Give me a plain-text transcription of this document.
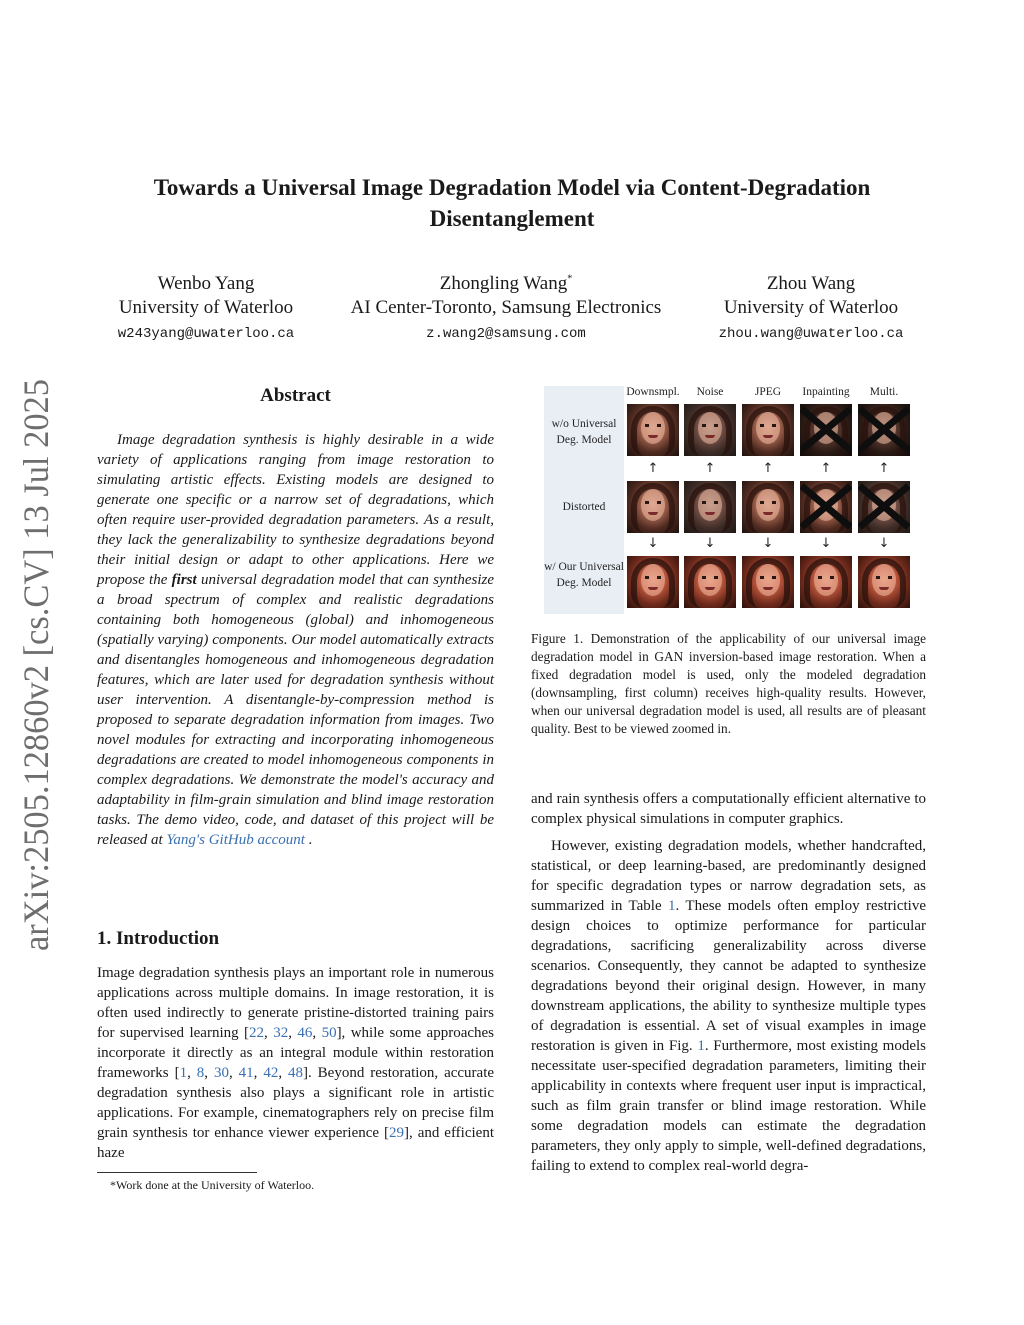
arXiv:2505.12860v2 [cs.CV] 13 Jul 2025
Towards a Universal Image Degradation Model via Content-Degradation
Disentanglement
Wenbo Yang
University of Waterloo
w243yang@uwaterloo.ca
Zhongling Wang*
AI Center-Toronto, Samsung Electronics
z.wang2@samsung.com
Zhou Wang
University of Waterloo
zhou.wang@uwaterloo.ca
Abstract
Image degradation synthesis is highly desirable in a wide variety of applications ranging from image restoration to simulating artistic effects. Existing models are designed to generate one specific or a narrow set of degradations, which often require user-provided degradation parameters. As a result, they lack the generalizability to synthesize degradations beyond their initial design or adapt to other applications. Here we propose the first universal degradation model that can synthesize a broad spectrum of complex and realistic degradations containing both homogeneous (global) and inhomogeneous (spatially varying) components. Our model automatically extracts and disentangles homogeneous and inhomogeneous degradation features, which are later used for degradation synthesis without user intervention. A disentangle-by-compression method is proposed to separate degradation information from images. Two novel modules for extracting and incorporating inhomogeneous degradations are created to model inhomogeneous components in complex degradations. We demonstrate the model's accuracy and adaptability in film-grain simulation and blind image restoration tasks. The demo video, code, and dataset of this project will be released at Yang's GitHub account .
1. Introduction
Image degradation synthesis plays an important role in numerous applications across multiple domains. In image restoration, it is often used indirectly to generate pristine-distorted training pairs for supervised learning [22, 32, 46, 50], while some approaches incorporate it directly as an integral module within restoration frameworks [1, 8, 30, 41, 42, 48]. Beyond restoration, accurate degradation synthesis also plays a significant role in artistic applications. For example, cinematographers rely on precise film grain synthesis tor enhance viewer experience [29], and efficient haze
*Work done at the University of Waterloo.
w/o Universal Deg. Model
Distorted
w/ Our Universal Deg. Model
Downsmpl.	Noise	JPEG	Inpainting	Multi.
↑	↑	↑	↑	↑
↓	↓	↓	↓	↓
Figure 1. Demonstration of the applicability of our universal image degradation model in GAN inversion-based image restoration. When a fixed degradation model is used, only the modeled degradation (downsampling, first column) receives high-quality results. However, when our universal degradation model is used, all results are of pleasant quality. Best to be viewed zoomed in.

and rain synthesis offers a computationally efficient alternative to complex physical simulations in computer graphics.

However, existing degradation models, whether handcrafted, statistical, or deep learning-based, are predominantly designed for specific degradation types or narrow degradation sets, as summarized in Table 1. These models often employ restrictive design choices to optimize performance for particular degradations, sacrificing generalizability across diverse scenarios. Consequently, they cannot be adapted to synthesize degradations beyond their original design. However, in many downstream applications, the ability to synthesize multiple types of degradation is essential. A set of visual examples in image restoration is given in Fig. 1. Furthermore, most existing models necessitate user-specified degradation parameters, limiting their applicability in contexts where frequent user input is impractical, such as film grain transfer or blind image restoration. While some degradation models can estimate the degradation parameters, they only apply to simple, well-defined degradations, failing to extend to complex real-world degra-
